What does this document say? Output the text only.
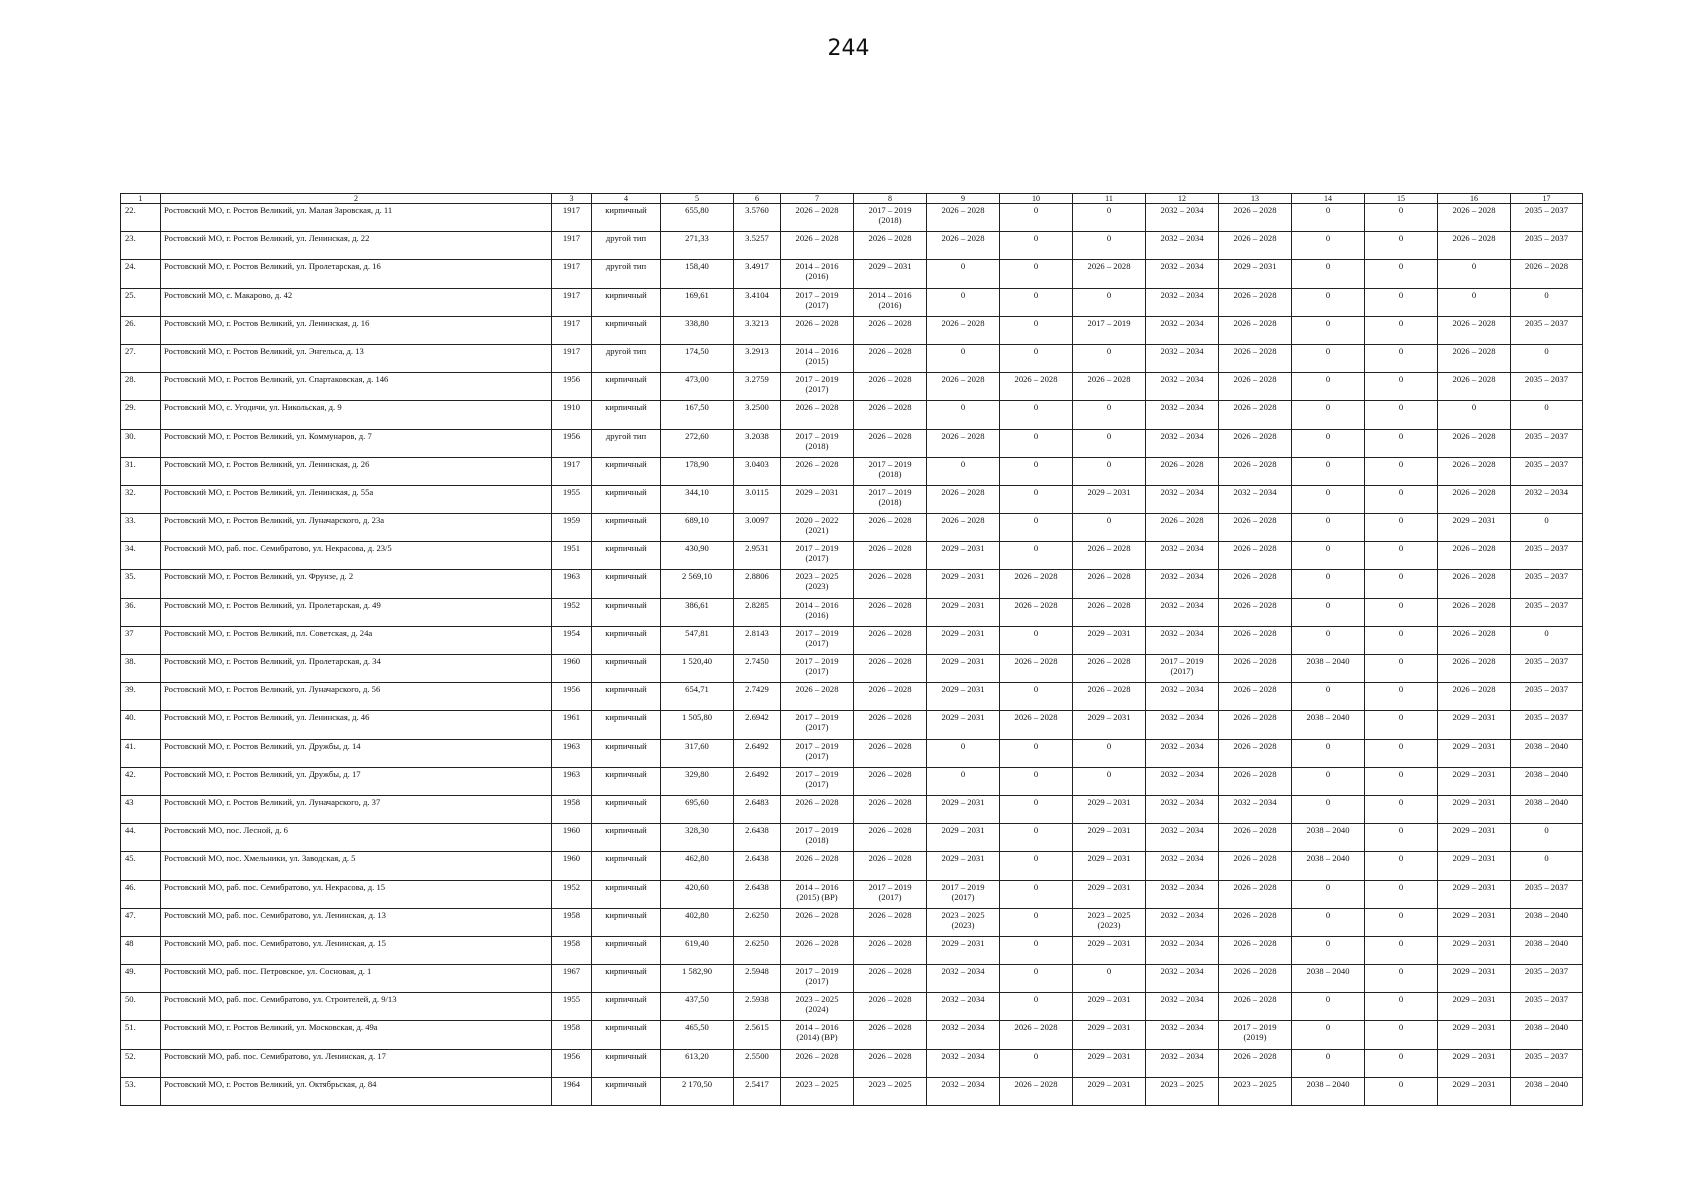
244
1	2	3	4	5	6	7	8	9	10	11	12	13	14	15	16	17
22.	Ростовский МО, г. Ростов Великий, ул. Малая Заровская, д. 11	1917	кирпичный	655,80	3.5760	2026 – 2028	2017 – 2019 (2018)	2026 – 2028	0	0	2032 – 2034	2026 – 2028	0	0	2026 – 2028	2035 – 2037
23.	Ростовский МО, г. Ростов Великий, ул. Ленинская, д. 22	1917	другой тип	271,33	3.5257	2026 – 2028	2026 – 2028	2026 – 2028	0	0	2032 – 2034	2026 – 2028	0	0	2026 – 2028	2035 – 2037
24.	Ростовский МО, г. Ростов Великий, ул. Пролетарская, д. 16	1917	другой тип	158,40	3.4917	2014 – 2016 (2016)	2029 – 2031	0	0	2026 – 2028	2032 – 2034	2029 – 2031	0	0	0	2026 – 2028
25.	Ростовский МО, с. Макарово, д. 42	1917	кирпичный	169,61	3.4104	2017 – 2019 (2017)	2014 – 2016 (2016)	0	0	0	2032 – 2034	2026 – 2028	0	0	0	0
26.	Ростовский МО, г. Ростов Великий, ул. Ленинская, д. 16	1917	кирпичный	338,80	3.3213	2026 – 2028	2026 – 2028	2026 – 2028	0	2017 – 2019	2032 – 2034	2026 – 2028	0	0	2026 – 2028	2035 – 2037
27.	Ростовский МО, г. Ростов Великий, ул. Энгельса, д. 13	1917	другой тип	174,50	3.2913	2014 – 2016 (2015)	2026 – 2028	0	0	0	2032 – 2034	2026 – 2028	0	0	2026 – 2028	0
28.	Ростовский МО, г. Ростов Великий, ул. Спартаковская, д. 146	1956	кирпичный	473,00	3.2759	2017 – 2019 (2017)	2026 – 2028	2026 – 2028	2026 – 2028	2026 – 2028	2032 – 2034	2026 – 2028	0	0	2026 – 2028	2035 – 2037
29.	Ростовский МО, с. Угодичи, ул. Никольская, д. 9	1910	кирпичный	167,50	3.2500	2026 – 2028	2026 – 2028	0	0	0	2032 – 2034	2026 – 2028	0	0	0	0
30.	Ростовский МО, г. Ростов Великий, ул. Коммунаров, д. 7	1956	другой тип	272,60	3.2038	2017 – 2019 (2018)	2026 – 2028	2026 – 2028	0	0	2032 – 2034	2026 – 2028	0	0	2026 – 2028	2035 – 2037
31.	Ростовский МО, г. Ростов Великий, ул. Ленинская, д. 26	1917	кирпичный	178,90	3.0403	2026 – 2028	2017 – 2019 (2018)	0	0	0	2026 – 2028	2026 – 2028	0	0	2026 – 2028	2035 – 2037
32.	Ростовский МО, г. Ростов Великий, ул. Ленинская, д. 55а	1955	кирпичный	344,10	3.0115	2029 – 2031	2017 – 2019 (2018)	2026 – 2028	0	2029 – 2031	2032 – 2034	2032 – 2034	0	0	2026 – 2028	2032 – 2034
33.	Ростовский МО, г. Ростов Великий, ул. Луначарского, д. 23а	1959	кирпичный	689,10	3.0097	2020 – 2022 (2021)	2026 – 2028	2026 – 2028	0	0	2026 – 2028	2026 – 2028	0	0	2029 – 2031	0
34.	Ростовский МО, раб. пос. Семибратово, ул. Некрасова, д. 23/5	1951	кирпичный	430,90	2.9531	2017 – 2019 (2017)	2026 – 2028	2029 – 2031	0	2026 – 2028	2032 – 2034	2026 – 2028	0	0	2026 – 2028	2035 – 2037
35.	Ростовский МО, г. Ростов Великий, ул. Фрунзе, д. 2	1963	кирпичный	2 569,10	2.8806	2023 – 2025 (2023)	2026 – 2028	2029 – 2031	2026 – 2028	2026 – 2028	2032 – 2034	2026 – 2028	0	0	2026 – 2028	2035 – 2037
36.	Ростовский МО, г. Ростов Великий, ул. Пролетарская, д. 49	1952	кирпичный	386,61	2.8285	2014 – 2016 (2016)	2026 – 2028	2029 – 2031	2026 – 2028	2026 – 2028	2032 – 2034	2026 – 2028	0	0	2026 – 2028	2035 – 2037
37	Ростовский МО, г. Ростов Великий, пл. Советская, д. 24а	1954	кирпичный	547,81	2.8143	2017 – 2019 (2017)	2026 – 2028	2029 – 2031	0	2029 – 2031	2032 – 2034	2026 – 2028	0	0	2026 – 2028	0
38.	Ростовский МО, г. Ростов Великий, ул. Пролетарская, д. 34	1960	кирпичный	1 520,40	2.7450	2017 – 2019 (2017)	2026 – 2028	2029 – 2031	2026 – 2028	2026 – 2028	2017 – 2019 (2017)	2026 – 2028	2038 – 2040	0	2026 – 2028	2035 – 2037
39.	Ростовский МО, г. Ростов Великий, ул. Луначарского, д. 56	1956	кирпичный	654,71	2.7429	2026 – 2028	2026 – 2028	2029 – 2031	0	2026 – 2028	2032 – 2034	2026 – 2028	0	0	2026 – 2028	2035 – 2037
40.	Ростовский МО, г. Ростов Великий, ул. Ленинская, д. 46	1961	кирпичный	1 505,80	2.6942	2017 – 2019 (2017)	2026 – 2028	2029 – 2031	2026 – 2028	2029 – 2031	2032 – 2034	2026 – 2028	2038 – 2040	0	2029 – 2031	2035 – 2037
41.	Ростовский МО, г. Ростов Великий, ул. Дружбы, д. 14	1963	кирпичный	317,60	2.6492	2017 – 2019 (2017)	2026 – 2028	0	0	0	2032 – 2034	2026 – 2028	0	0	2029 – 2031	2038 – 2040
42.	Ростовский МО, г. Ростов Великий, ул. Дружбы, д. 17	1963	кирпичный	329,80	2.6492	2017 – 2019 (2017)	2026 – 2028	0	0	0	2032 – 2034	2026 – 2028	0	0	2029 – 2031	2038 – 2040
43	Ростовский МО, г. Ростов Великий, ул. Луначарского, д. 37	1958	кирпичный	695,60	2.6483	2026 – 2028	2026 – 2028	2029 – 2031	0	2029 – 2031	2032 – 2034	2032 – 2034	0	0	2029 – 2031	2038 – 2040
44.	Ростовский МО, пос. Лесной, д. 6	1960	кирпичный	328,30	2.6438	2017 – 2019 (2018)	2026 – 2028	2029 – 2031	0	2029 – 2031	2032 – 2034	2026 – 2028	2038 – 2040	0	2029 – 2031	0
45.	Ростовский МО, пос. Хмельники, ул. Заводская, д. 5	1960	кирпичный	462,80	2.6438	2026 – 2028	2026 – 2028	2029 – 2031	0	2029 – 2031	2032 – 2034	2026 – 2028	2038 – 2040	0	2029 – 2031	0
46.	Ростовский МО, раб. пос. Семибратово, ул. Некрасова, д. 15	1952	кирпичный	420,60	2.6438	2014 – 2016 (2015) (ВР)	2017 – 2019 (2017)	2017 – 2019 (2017)	0	2029 – 2031	2032 – 2034	2026 – 2028	0	0	2029 – 2031	2035 – 2037
47.	Ростовский МО, раб. пос. Семибратово, ул. Ленинская, д. 13	1958	кирпичный	402,80	2.6250	2026 – 2028	2026 – 2028	2023 – 2025 (2023)	0	2023 – 2025 (2023)	2032 – 2034	2026 – 2028	0	0	2029 – 2031	2038 – 2040
48	Ростовский МО, раб. пос. Семибратово, ул. Ленинская, д. 15	1958	кирпичный	619,40	2.6250	2026 – 2028	2026 – 2028	2029 – 2031	0	2029 – 2031	2032 – 2034	2026 – 2028	0	0	2029 – 2031	2038 – 2040
49.	Ростовский МО, раб. пос. Петровское, ул. Сосновая, д. 1	1967	кирпичный	1 582,90	2.5948	2017 – 2019 (2017)	2026 – 2028	2032 – 2034	0	0	2032 – 2034	2026 – 2028	2038 – 2040	0	2029 – 2031	2035 – 2037
50.	Ростовский МО, раб. пос. Семибратово, ул. Строителей, д. 9/13	1955	кирпичный	437,50	2.5938	2023 – 2025 (2024)	2026 – 2028	2032 – 2034	0	2029 – 2031	2032 – 2034	2026 – 2028	0	0	2029 – 2031	2035 – 2037
51.	Ростовский МО, г. Ростов Великий, ул. Московская, д. 49а	1958	кирпичный	465,50	2.5615	2014 – 2016 (2014) (ВР)	2026 – 2028	2032 – 2034	2026 – 2028	2029 – 2031	2032 – 2034	2017 – 2019 (2019)	0	0	2029 – 2031	2038 – 2040
52.	Ростовский МО, раб. пос. Семибратово, ул. Ленинская, д. 17	1956	кирпичный	613,20	2.5500	2026 – 2028	2026 – 2028	2032 – 2034	0	2029 – 2031	2032 – 2034	2026 – 2028	0	0	2029 – 2031	2035 – 2037
53.	Ростовский МО, г. Ростов Великий, ул. Октябрьская, д. 84	1964	кирпичный	2 170,50	2.5417	2023 – 2025	2023 – 2025	2032 – 2034	2026 – 2028	2029 – 2031	2023 – 2025	2023 – 2025	2038 – 2040	0	2029 – 2031	2038 – 2040
